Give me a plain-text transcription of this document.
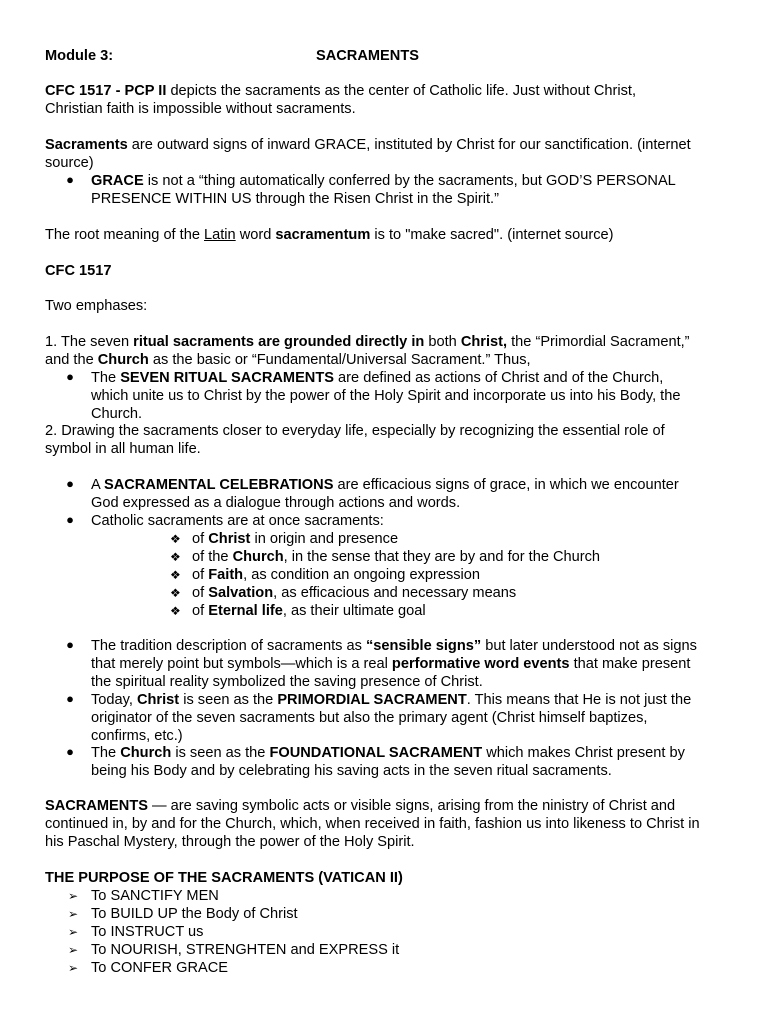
Module 3:	SACRAMENTS
CFC 1517 - PCP II depicts the sacraments as the center of Catholic life. Just without Christ,
Christian faith is impossible without sacraments.
Sacraments are outward signs of inward GRACE, instituted by Christ for our sanctification. (internet
source)
● GRACE is not a “thing automatically conferred by the sacraments, but GOD’S PERSONAL
PRESENCE WITHIN US through the Risen Christ in the Spirit.”
The root meaning of the Latin word sacramentum is to "make sacred". (internet source)
CFC 1517
Two emphases:
1. The seven ritual sacraments are grounded directly in both Christ, the “Primordial Sacrament,”
and the Church as the basic or “Fundamental/Universal Sacrament.” Thus,
● The SEVEN RITUAL SACRAMENTS are defined as actions of Christ and of the Church,
which unite us to Christ by the power of the Holy Spirit and incorporate us into his Body, the
Church.
2. Drawing the sacraments closer to everyday life, especially by recognizing the essential role of
symbol in all human life.
● A SACRAMENTAL CELEBRATIONS are efficacious signs of grace, in which we encounter
God expressed as a dialogue through actions and words.
● Catholic sacraments are at once sacraments:
❖ of Christ in origin and presence
❖ of the Church, in the sense that they are by and for the Church
❖ of Faith, as condition an ongoing expression
❖ of Salvation, as efficacious and necessary means
❖ of Eternal life, as their ultimate goal
● The tradition description of sacraments as “sensible signs” but later understood not as signs
that merely point but symbols—which is a real performative word events that make present
the spiritual reality symbolized the saving presence of Christ.
● Today, Christ is seen as the PRIMORDIAL SACRAMENT. This means that He is not just the
originator of the seven sacraments but also the primary agent (Christ himself baptizes,
confirms, etc.)
● The Church is seen as the FOUNDATIONAL SACRAMENT which makes Christ present by
being his Body and by celebrating his saving acts in the seven ritual sacraments.
SACRAMENTS — are saving symbolic acts or visible signs, arising from the ninistry of Christ and
continued in, by and for the Church, which, when received in faith, fashion us into likeness to Christ in
his Paschal Mystery, through the power of the Holy Spirit.
THE PURPOSE OF THE SACRAMENTS (VATICAN II)
➢ To SANCTIFY MEN
➢ To BUILD UP the Body of Christ
➢ To INSTRUCT us
➢ To NOURISH, STRENGHTEN and EXPRESS it
➢ To CONFER GRACE
